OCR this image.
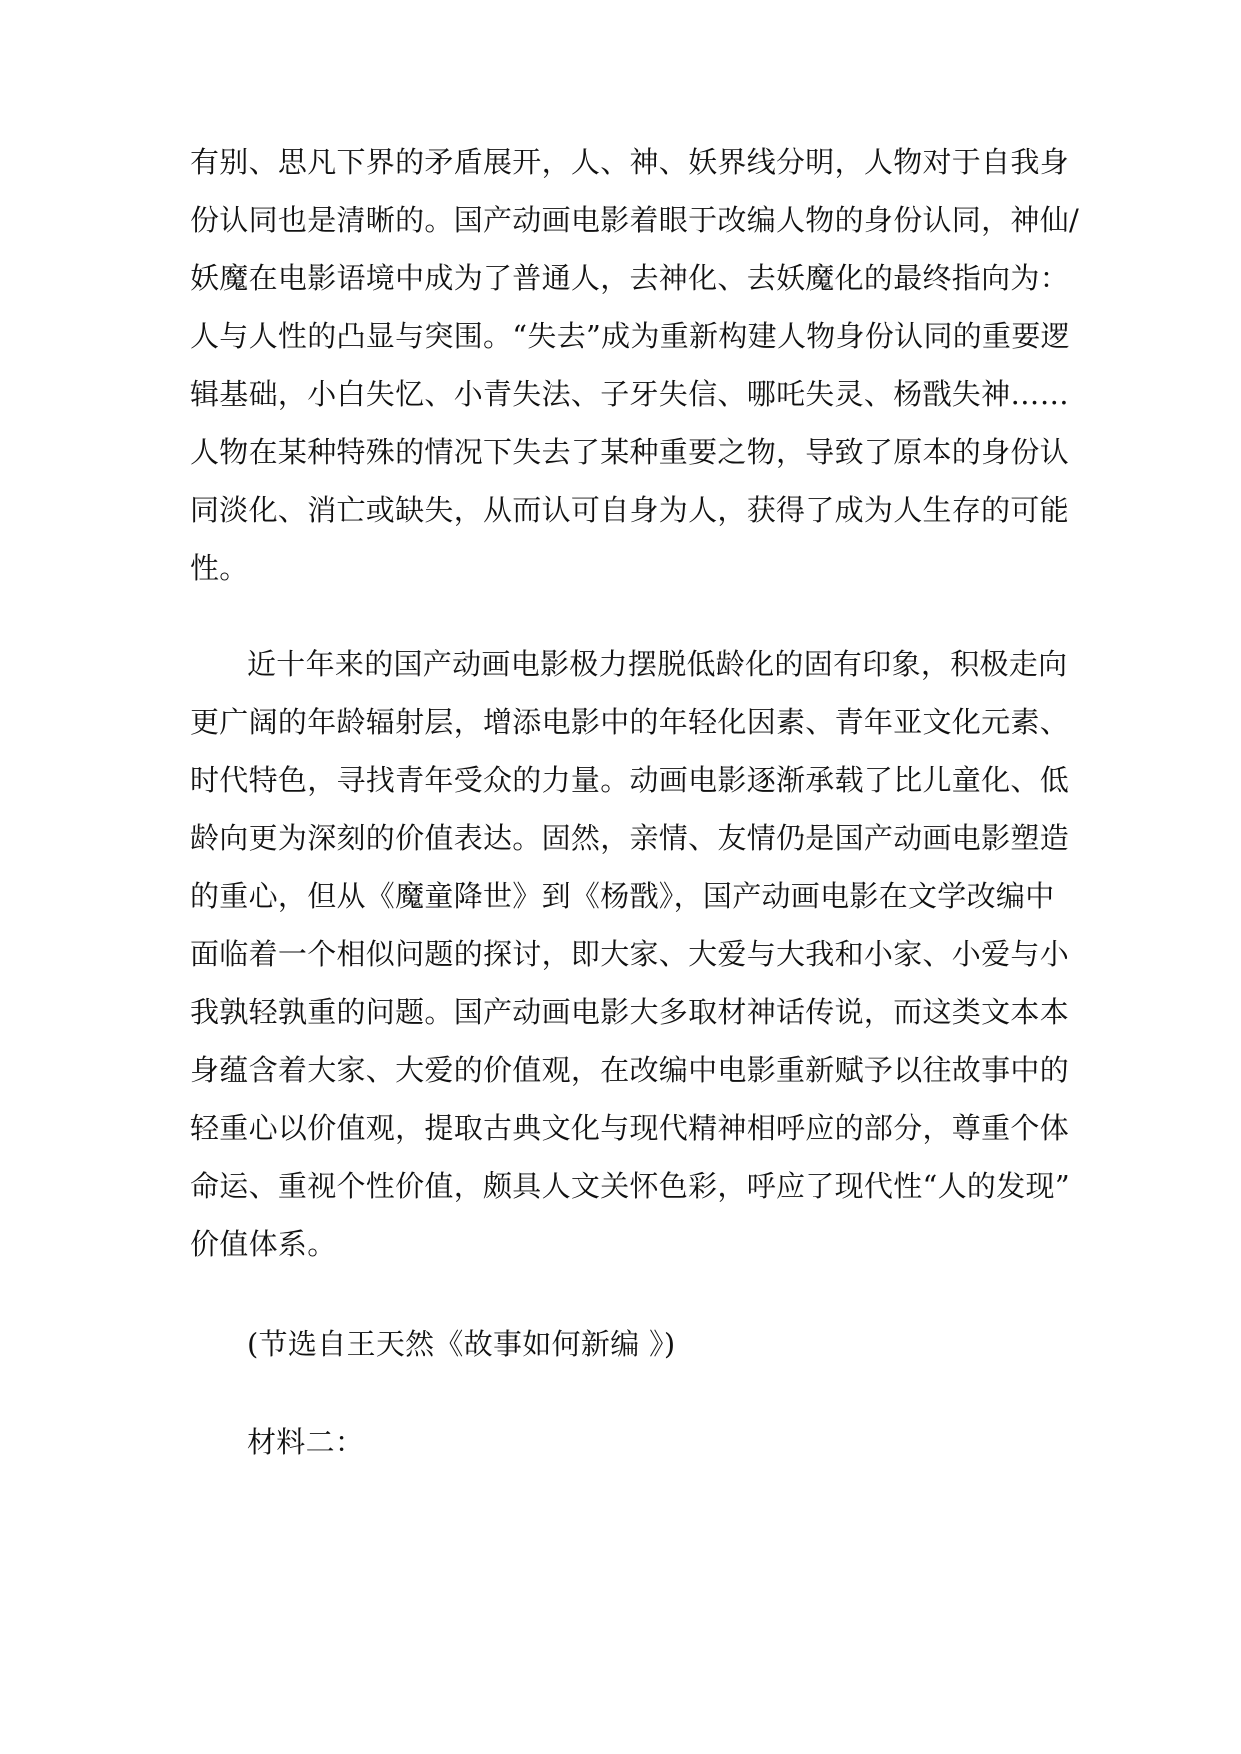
有别、思凡下界的矛盾展开，人、神、妖界线分明，人物对于自我身
份认同也是清晰的。国产动画电影着眼于改编人物的身份认同，神仙/
妖魔在电影语境中成为了普通人，去神化、去妖魔化的最终指向为：
人与人性的凸显与突围。“失去”成为重新构建人物身份认同的重要逻
辑基础，小白失忆、小青失法、子牙失信、哪吒失灵、杨戬失神……
人物在某种特殊的情况下失去了某种重要之物，导致了原本的身份认
同淡化、消亡或缺失，从而认可自身为人，获得了成为人生存的可能
性。
近十年来的国产动画电影极力摆脱低龄化的固有印象，积极走向
更广阔的年龄辐射层，增添电影中的年轻化因素、青年亚文化元素、
时代特色，寻找青年受众的力量。动画电影逐渐承载了比儿童化、低
龄向更为深刻的价值表达。固然，亲情、友情仍是国产动画电影塑造
的重心，但从《魔童降世》到《杨戬》，国产动画电影在文学改编中
面临着一个相似问题的探讨，即大家、大爱与大我和小家、小爱与小
我孰轻孰重的问题。国产动画电影大多取材神话传说，而这类文本本
身蕴含着大家、大爱的价值观，在改编中电影重新赋予以往故事中的
轻重心以价值观，提取古典文化与现代精神相呼应的部分，尊重个体
命运、重视个性价值，颇具人文关怀色彩，呼应了现代性“人的发现”
价值体系。
(节选自王天然《故事如何新编 》)
材料二：
